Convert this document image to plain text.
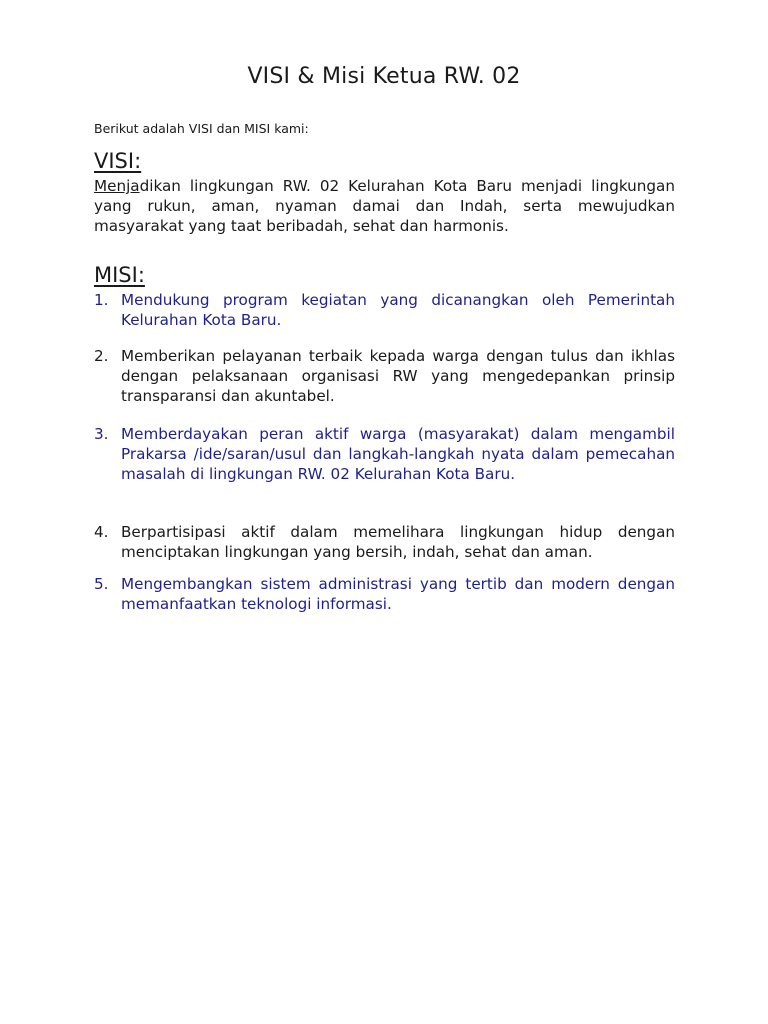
VISI & Misi Ketua RW. 02
Berikut adalah VISI dan MISI kami:
VISI:
Menjadikan lingkungan RW. 02 Kelurahan Kota Baru menjadi lingkungan yang rukun, aman, nyaman damai dan Indah, serta mewujudkan masyarakat yang taat beribadah, sehat dan harmonis.
MISI:
1. Mendukung program kegiatan yang dicanangkan oleh Pemerintah Kelurahan Kota Baru.
2. Memberikan pelayanan terbaik kepada warga dengan tulus dan ikhlas dengan pelaksanaan organisasi RW yang mengedepankan prinsip transparansi dan akuntabel.
3. Memberdayakan peran aktif warga (masyarakat) dalam mengambil Prakarsa /ide/saran/usul dan langkah-langkah nyata dalam pemecahan masalah di lingkungan RW. 02 Kelurahan Kota Baru.
4. Berpartisipasi aktif dalam memelihara lingkungan hidup dengan menciptakan lingkungan yang bersih, indah, sehat dan aman.
5. Mengembangkan sistem administrasi yang tertib dan modern dengan memanfaatkan teknologi informasi.
